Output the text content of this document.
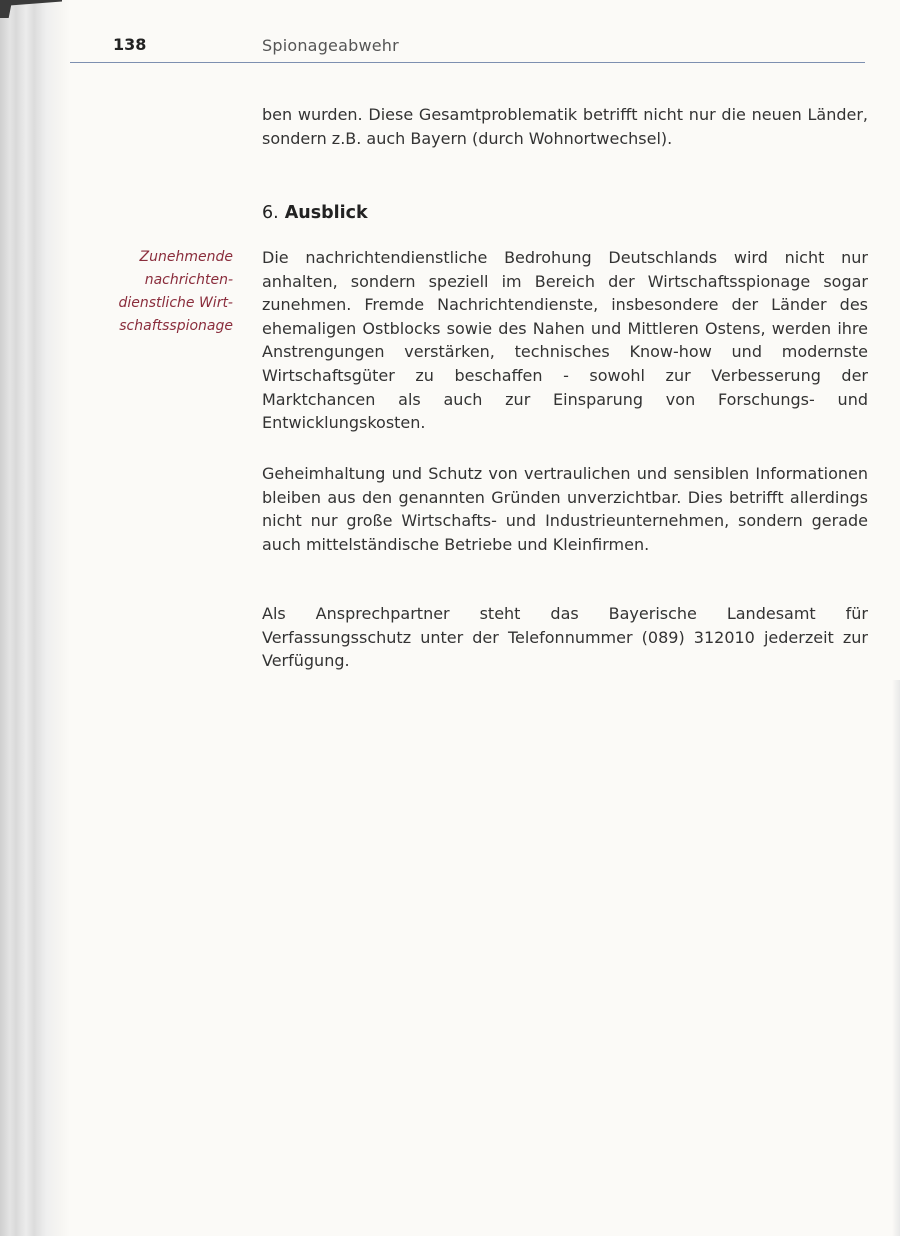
138	Spionageabwehr

ben wurden. Diese Gesamtproblematik betrifft nicht nur die neuen Länder, sondern z.B. auch Bayern (durch Wohnortwechsel).

6. Ausblick

Zunehmende
nachrichten-
dienstliche Wirt-
schaftsspionage

Die nachrichtendienstliche Bedrohung Deutschlands wird nicht nur anhalten, sondern speziell im Bereich der Wirtschaftsspionage sogar zunehmen. Fremde Nachrichtendienste, insbesondere der Länder des ehemaligen Ostblocks sowie des Nahen und Mittleren Ostens, werden ihre Anstrengungen verstärken, technisches Know-how und modernste Wirtschaftsgüter zu beschaffen - sowohl zur Verbesserung der Marktchancen als auch zur Einsparung von Forschungs- und Entwicklungskosten.

Geheimhaltung und Schutz von vertraulichen und sensiblen Informationen bleiben aus den genannten Gründen unverzichtbar. Dies betrifft allerdings nicht nur große Wirtschafts- und Industrieunternehmen, sondern gerade auch mittelständische Betriebe und Kleinfirmen.

Als Ansprechpartner steht das Bayerische Landesamt für Verfassungsschutz unter der Telefonnummer (089) 312010 jederzeit zur Verfügung.
